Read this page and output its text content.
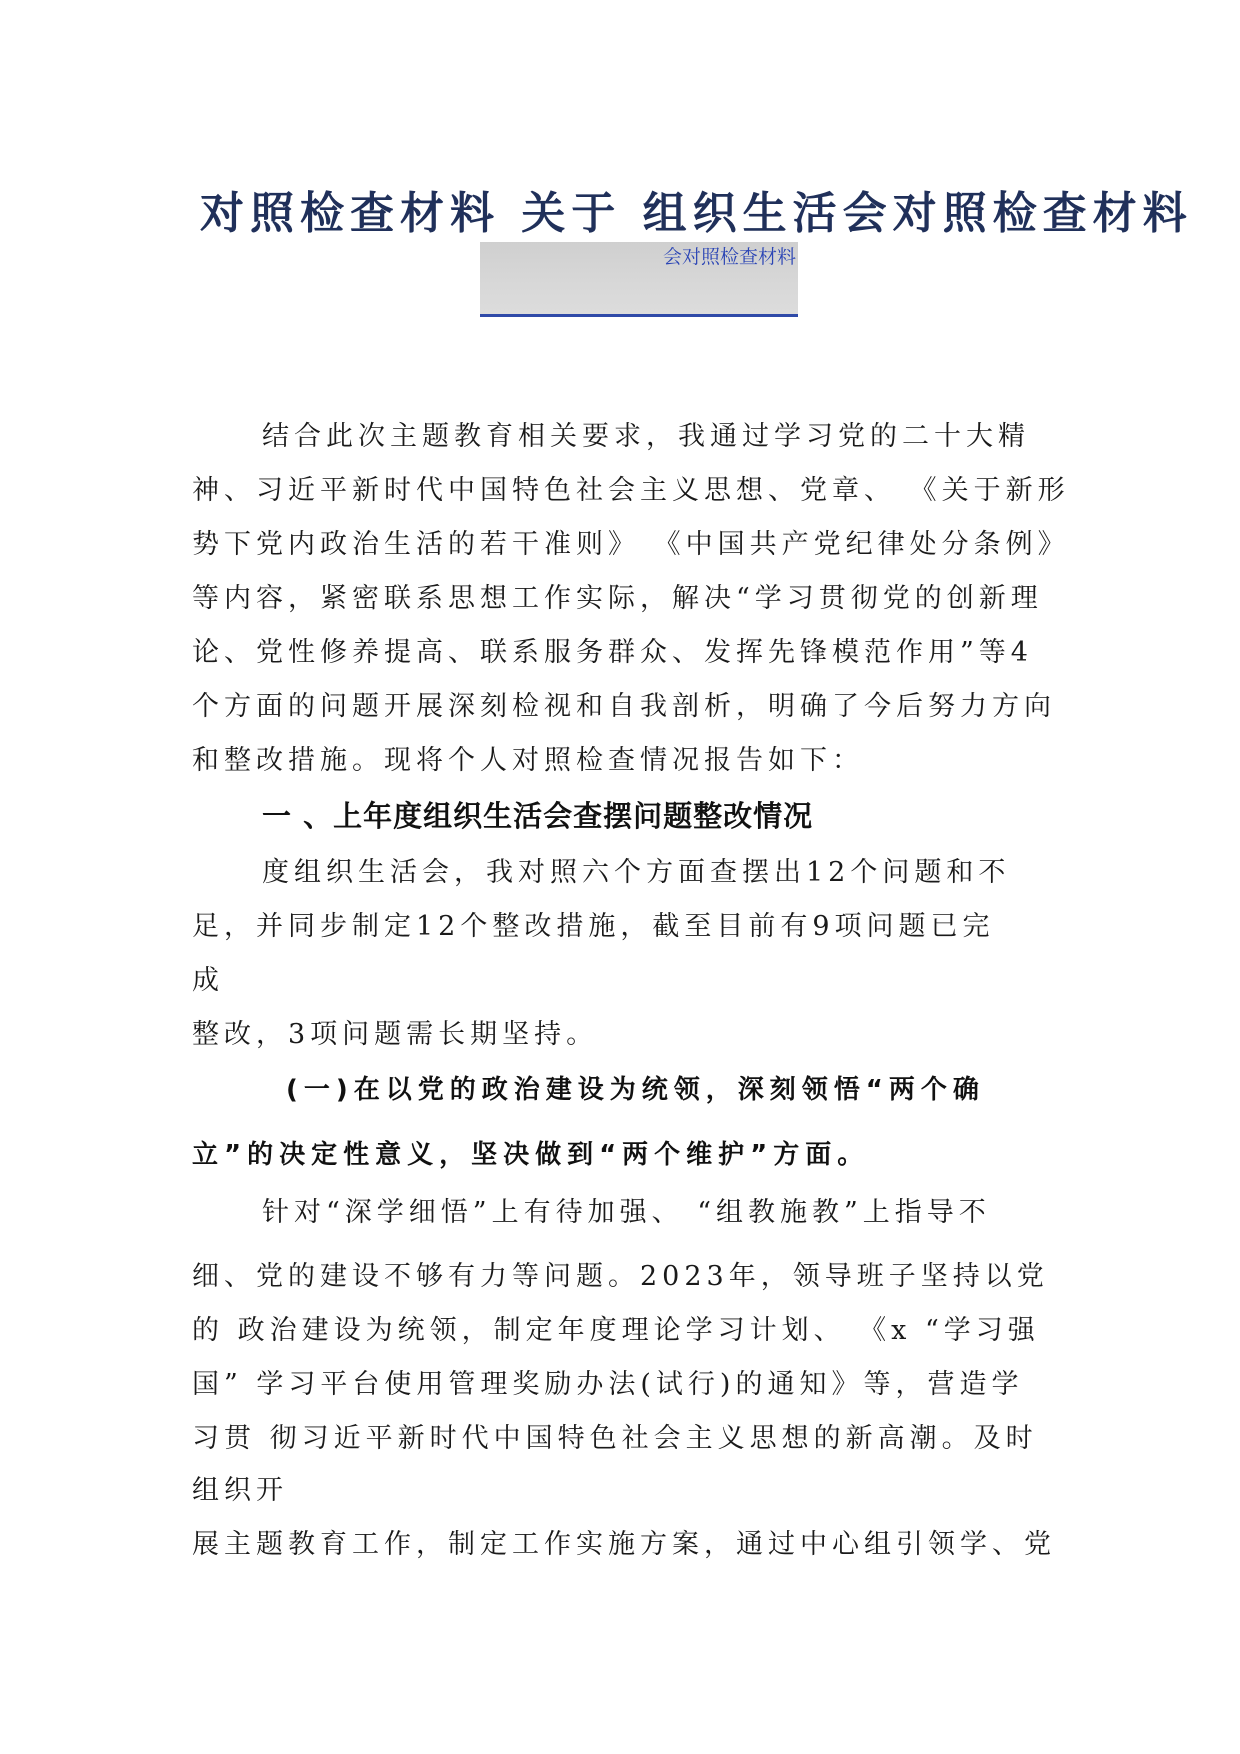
对照检查材料 关于 组织生活会对照检查材料
会对照检查材料
结合此次主题教育相关要求，我通过学习党的二十大精
神、习近平新时代中国特色社会主义思想、党章、 《关于新形
势下党内政治生活的若干准则》 《中国共产党纪律处分条例》
等内容，紧密联系思想工作实际，解决“学习贯彻党的创新理
论、党性修养提高、联系服务群众、发挥先锋模范作用”等4
个方面的问题开展深刻检视和自我剖析，明确了今后努力方向
和整改措施。现将个人对照检查情况报告如下：
一 、上年度组织生活会查摆问题整改情况
度组织生活会，我对照六个方面查摆出12个问题和不
足，并同步制定12个整改措施，截至目前有9项问题已完
成
整改，3项问题需长期坚持。
(一)在以党的政治建设为统领，深刻领悟“两个确
立”的决定性意义，坚决做到“两个维护”方面。
针对“深学细悟”上有待加强、 “组教施教”上指导不
细、党的建设不够有力等问题。2023年，领导班子坚持以党
的 政治建设为统领，制定年度理论学习计划、 《x “学习强
国” 学习平台使用管理奖励办法(试行)的通知》等，营造学
习贯 彻习近平新时代中国特色社会主义思想的新高潮。及时
组织开
展主题教育工作，制定工作实施方案，通过中心组引领学、党
